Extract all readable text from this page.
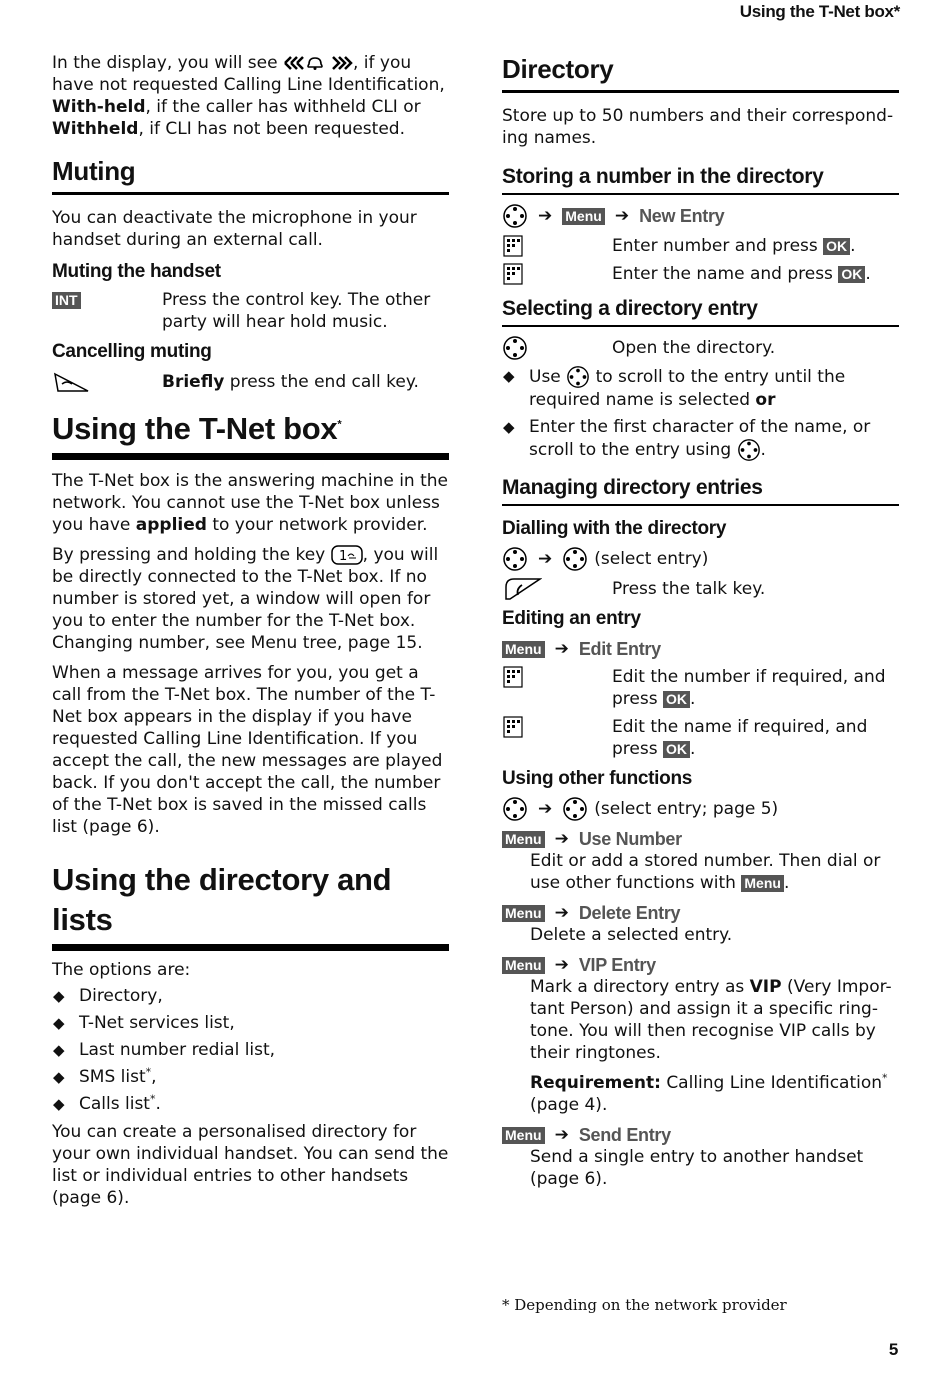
Using the T-Net box*

In the display, you will see	, if you have not requested Calling Line Identification, With-held, if the caller has withheld CLI or Withheld, if CLI has not been requested.

Muting

You can deactivate the microphone in your handset during an external call.

Muting the handset
INT	Press the control key. The other party will hear hold music.
Cancelling muting
Briefly press the end call key.
Using the T-Net box*

The T-Net box is the answering machine in the network. You cannot use the T-Net box unless you have applied to your network provider.

By pressing and holding the key 1 , you will be directly connected to the T-Net box. If no number is stored yet, a window will open for you to enter the number for the T-Net box. Changing number, see Menu tree, page 15.

When a message arrives for you, you get a call from the T-Net box. The number of the T-Net box appears in the display if you have requested Calling Line Identification. If you accept the call, the new messages are played back. If you don't accept the call, the number of the T-Net box is saved in the missed calls list (page 6).

Using the directory and lists

The options are:

◆ Directory,
◆ T-Net services list,
◆ Last number redial list,
◆ SMS list*,
◆ Calls list*.

You can create a personalised directory for your own individual handset. You can send the list or individual entries to other handsets (page 6).

Directory

Store up to 50 numbers and their correspond-ing names.

Storing a number in the directory
➔ Menu ➔ New Entry
Enter number and press OK .
Enter the name and press OK .
Selecting a directory entry
Open the directory.
◆ Use to scroll to the entry until the required name is selected or
◆ Enter the first character of the name, or scroll to the entry using .
Managing directory entries
Dialling with the directory
➔ (select entry)
Press the talk key.
Editing an entry
Menu ➔ Edit Entry
Edit the number if required, and press OK .
Edit the name if required, and press OK .
Using other functions
➔ (select entry; page 5)
Menu ➔ Use Number

Edit or add a stored number. Then dial or use other functions with Menu .

Menu ➔ Delete Entry

Delete a selected entry.

Menu ➔ VIP Entry

Mark a directory entry as VIP (Very Impor-tant Person) and assign it a specific ring-tone. You will then recognise VIP calls by their ringtones.

Requirement: Calling Line Identification* (page 4).

Menu ➔ Send Entry

Send a single entry to another handset (page 6).

* Depending on the network provider
5
